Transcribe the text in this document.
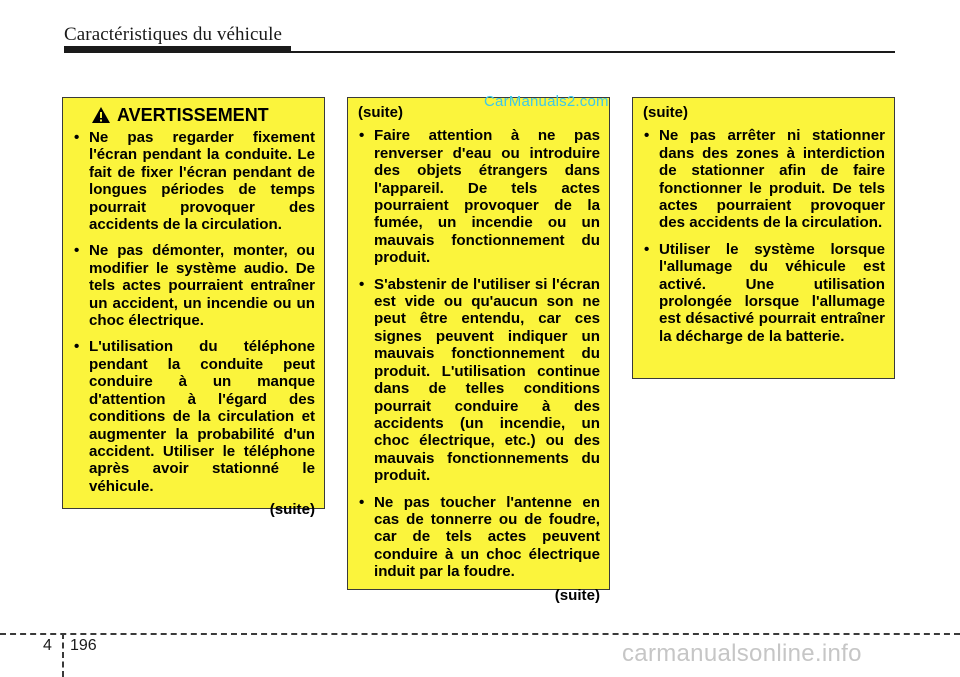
Caractéristiques du véhicule
AVERTISSEMENT
• Ne pas regarder fixement l'écran pendant la conduite. Le fait de fixer l'écran pendant de longues périodes de temps pourrait provoquer des accidents de la circulation.
• Ne pas démonter, monter, ou modifier le système audio. De tels actes pourraient entraîner un accident, un incendie ou un choc électrique.
• L'utilisation du téléphone pendant la conduite peut conduire à un manque d'attention à l'égard des conditions de la circulation et augmenter la probabilité d'un accident. Utiliser le téléphone après avoir stationné le véhicule.
(suite)
(suite)
• Faire attention à ne pas renverser d'eau ou introduire des objets étrangers dans l'appareil. De tels actes pourraient provoquer de la fumée, un incendie ou un mauvais fonctionnement du produit.
• S'abstenir de l'utiliser si l'écran est vide ou qu'aucun son ne peut être entendu, car ces signes peuvent indiquer un mauvais fonctionnement du produit. L'utilisation continue dans de telles conditions pourrait conduire à des accidents (un incendie, un choc électrique, etc.) ou des mauvais fonctionnements du produit.
• Ne pas toucher l'antenne en cas de tonnerre ou de foudre, car de tels actes peuvent conduire à un choc électrique induit par la foudre.
(suite)
(suite)
• Ne pas arrêter ni stationner dans des zones à interdiction de stationner afin de faire fonctionner le produit. De tels actes pourraient provoquer des accidents de la circulation.
• Utiliser le système lorsque l'allumage du véhicule est activé. Une utilisation prolongée lorsque l'allumage est désactivé pourrait entraîner la décharge de la batterie.
CarManuals2.com
4 196	carmanualsonline.info
